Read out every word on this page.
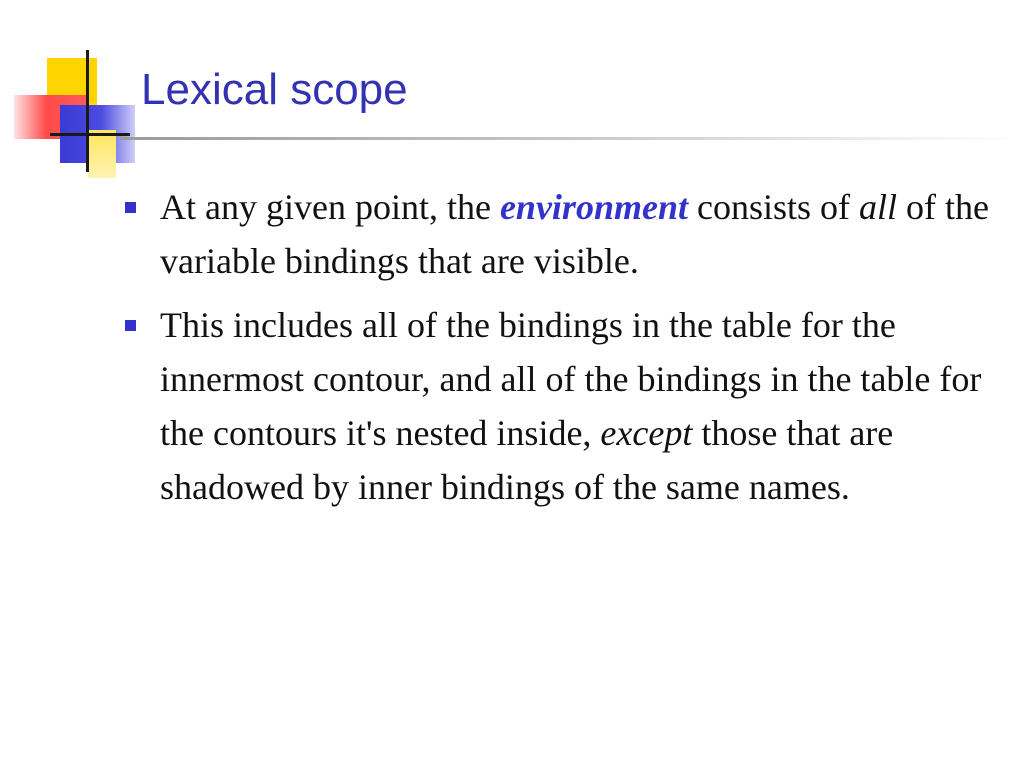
Lexical scope
At any given point, the environment consists of all of the variable bindings that are visible.
This includes all of the bindings in the table for the innermost contour, and all of the bindings in the table for the contours it's nested inside, except those that are shadowed by inner bindings of the same names.
